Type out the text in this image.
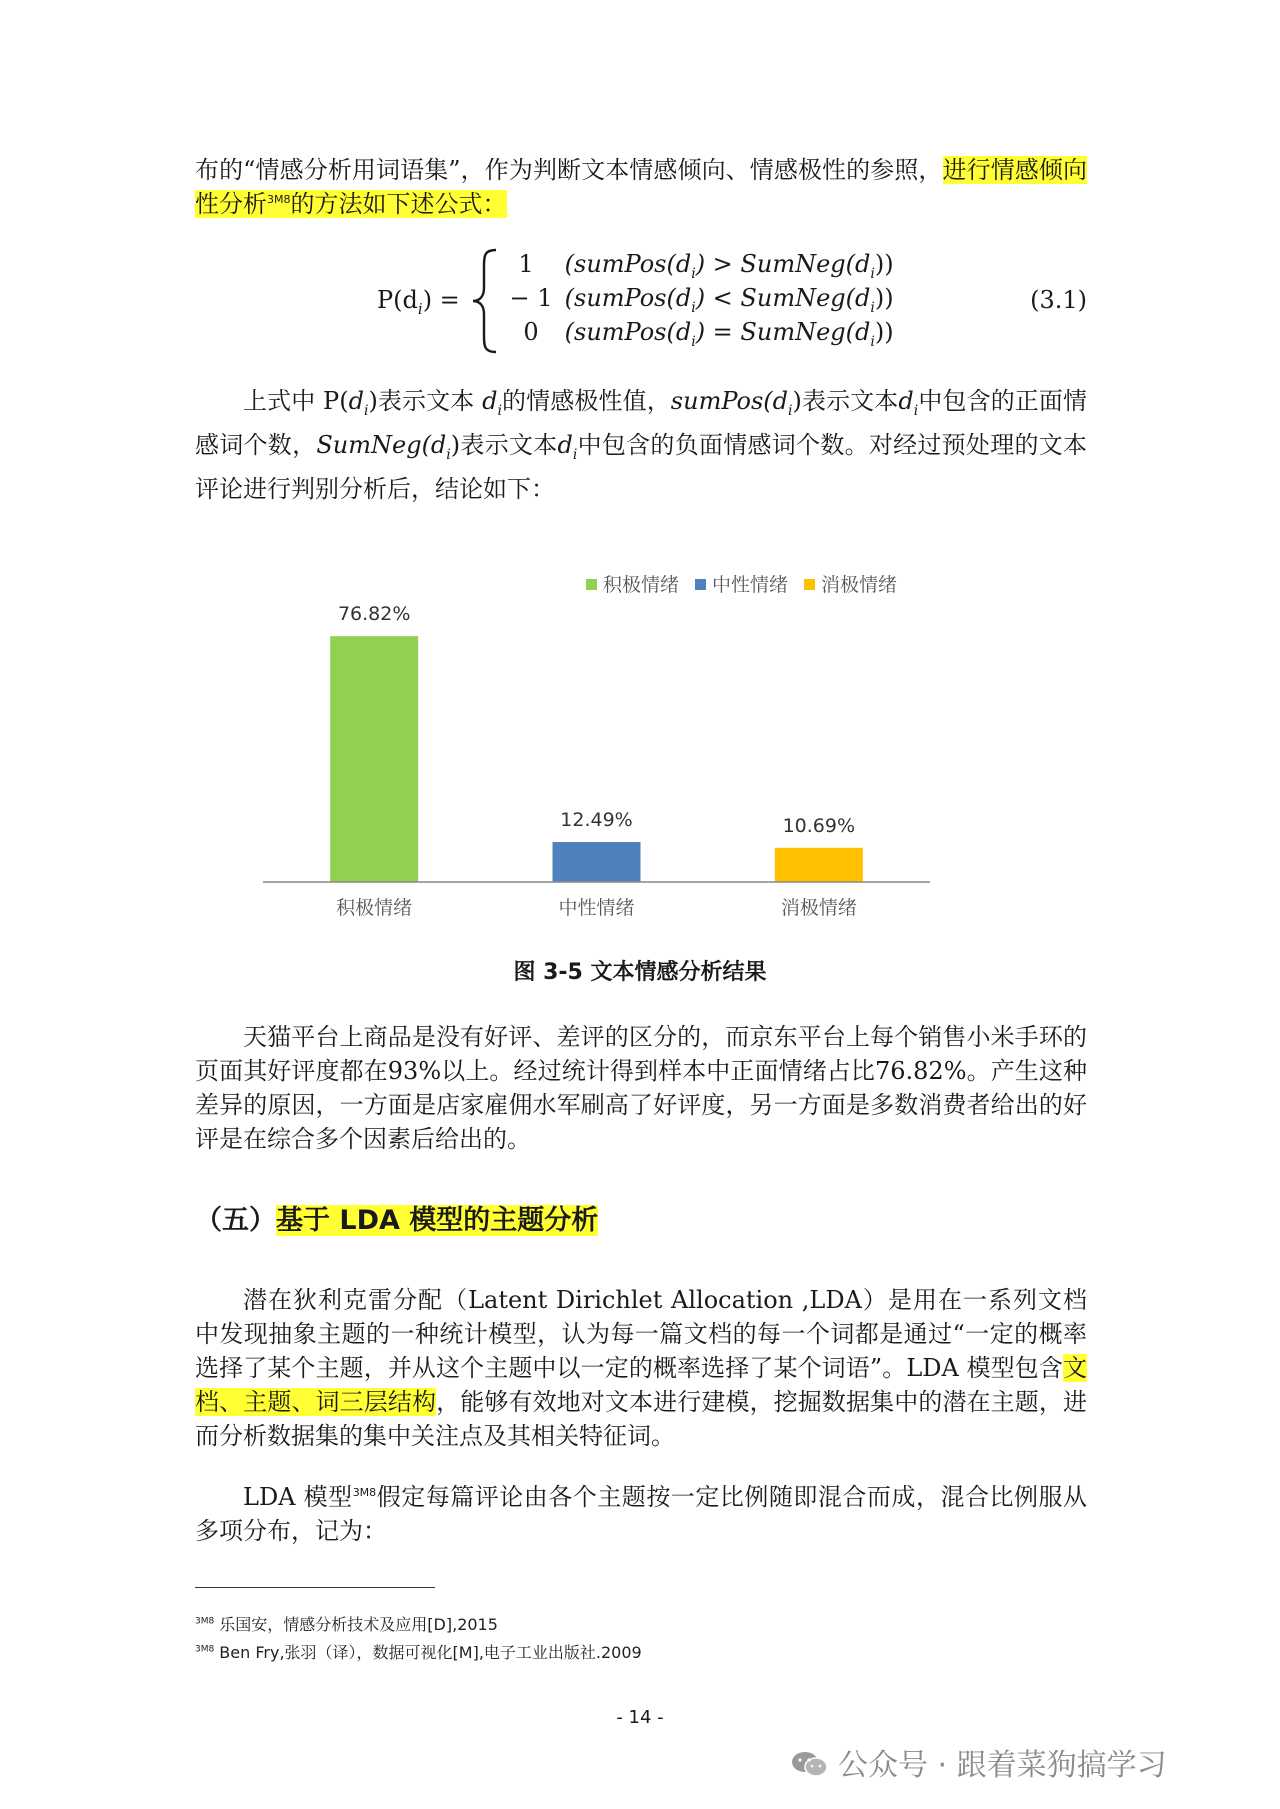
布的“情感分析用词语集”，作为判断文本情感倾向、情感极性的参照，进行情感倾向性分析$^{3M8}$的方法如下述公式：

$P(d_i)$ =
1 ($sumPos(d_i)$ > $SumNeg(d_i)$)
− 1 ($sumPos(d_i)$ < $SumNeg(d_i)$)
0 ($sumPos(d_i)$ = $SumNeg(d_i)$)
(3.1)

上式中 $P(d_i)$表示文本 $d_i$的情感极性值，$sumPos(d_i)$表示文本$d_i$中包含的正面情感词个数，$SumNeg(d_i)$表示文本$d_i$中包含的负面情感词个数。对经过预处理的文本评论进行判别分析后，结论如下：

积极情绪 中性情绪 消极情绪
76.82%
积极情绪
12.49%
中性情绪
10.69%
消极情绪
图 3-5 文本情感分析结果

天猫平台上商品是没有好评、差评的区分的，而京东平台上每个销售小米手环的页面其好评度都在93%以上。经过统计得到样本中正面情绪占比76.82%。产生这种差异的原因，一方面是店家雇佣水军刷高了好评度，另一方面是多数消费者给出的好评是在综合多个因素后给出的。

（五）基于 LDA 模型的主题分析

潜在狄利克雷分配（Latent Dirichlet Allocation ,LDA）是用在一系列文档中发现抽象主题的一种统计模型，认为每一篇文档的每一个词都是通过“一定的概率选择了某个主题，并从这个主题中以一定的概率选择了某个词语”。LDA 模型包含文档、主题、词三层结构，能够有效地对文本进行建模，挖掘数据集中的潜在主题，进而分析数据集的集中关注点及其相关特征词。

LDA 模型$^{3M8}$假定每篇评论由各个主题按一定比例随即混合而成，混合比例服从多项分布，记为：

$^{3M8}$ 乐国安，情感分析技术及应用[D],2015
$^{3M8}$ Ben Fry,张羽（译），数据可视化[M],电子工业出版社.2009
- 14 -
公众号 · 跟着菜狗搞学习
